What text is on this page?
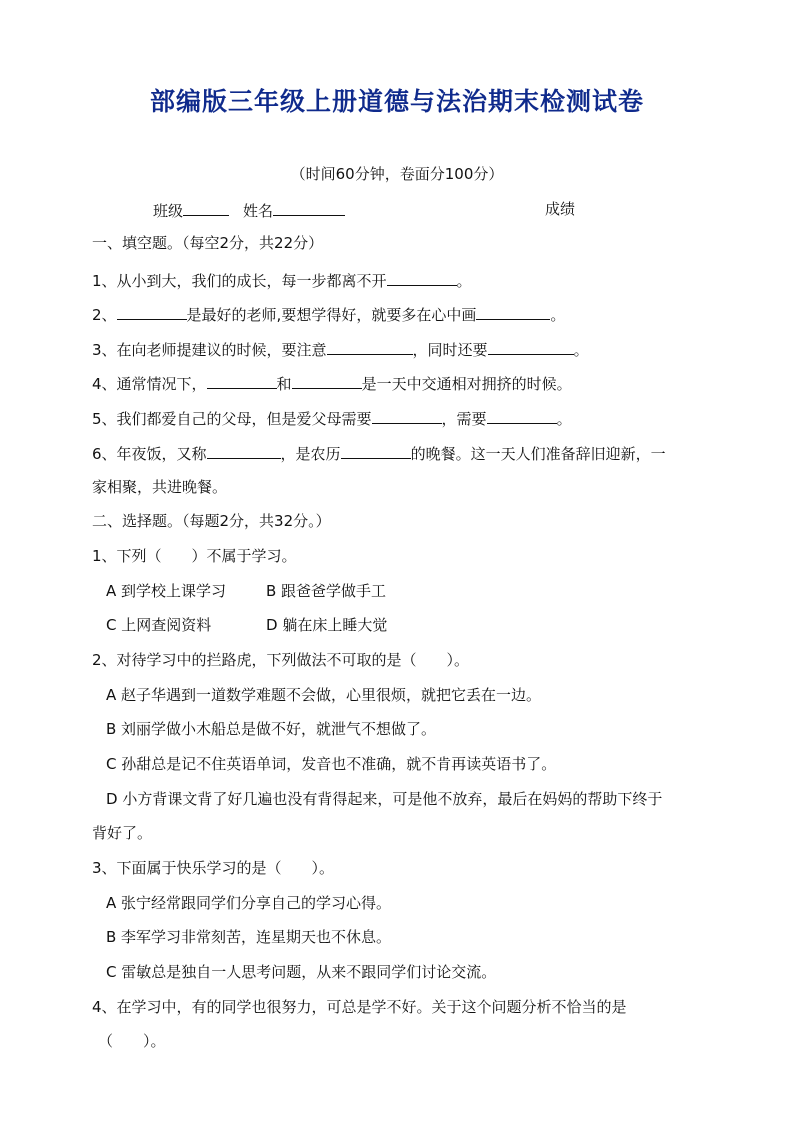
部编版三年级上册道德与法治期末检测试卷
（时间60分钟，卷面分100分）
班级	姓名	成绩
一、填空题。（每空2分，共22分）
1、从小到大，我们的成长，每一步都离不开	。
2、	是最好的老师,要想学得好，就要多在心中画	。
3、在向老师提建议的时候，要注意	，同时还要	。
4、通常情况下，	和	是一天中交通相对拥挤的时候。
5、我们都爱自己的父母，但是爱父母需要	，需要	。
6、年夜饭，又称	，是农历	的晚餐。这一天人们准备辞旧迎新，一
家相聚，共进晚餐。
二、选择题。（每题2分，共32分。）
1、下列（ ）不属于学习。
A 到学校上课学习	B 跟爸爸学做手工
C 上网查阅资料	D 躺在床上睡大觉
2、对待学习中的拦路虎，下列做法不可取的是（ ）。
A 赵子华遇到一道数学难题不会做，心里很烦，就把它丢在一边。
B 刘丽学做小木船总是做不好，就泄气不想做了。
C 孙甜总是记不住英语单词，发音也不准确，就不肯再读英语书了。
D 小方背课文背了好几遍也没有背得起来，可是他不放弃，最后在妈妈的帮助下终于
背好了。
3、下面属于快乐学习的是（ ）。
A 张宁经常跟同学们分享自己的学习心得。
B 李军学习非常刻苦，连星期天也不休息。
C 雷敏总是独自一人思考问题，从来不跟同学们讨论交流。
4、在学习中，有的同学也很努力，可总是学不好。关于这个问题分析不恰当的是
（ ）。
